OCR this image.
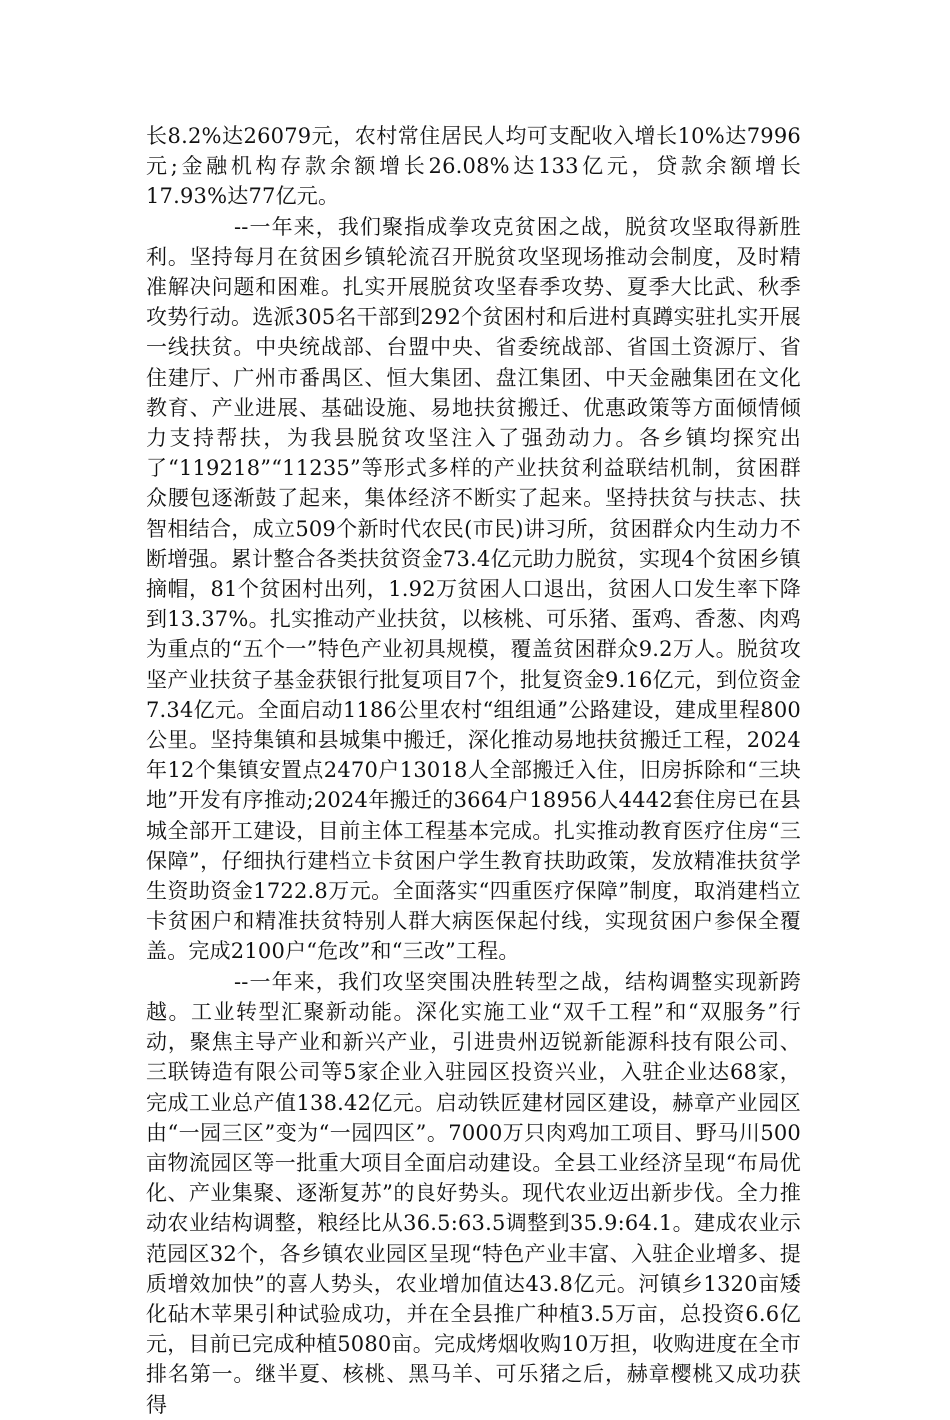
长8.2%达26079元，农村常住居民人均可支配收入增长10%达7996元;金融机构存款余额增长26.08%达133亿元，贷款余额增长17.93%达77亿元。

--一年来，我们聚指成拳攻克贫困之战，脱贫攻坚取得新胜利。坚持每月在贫困乡镇轮流召开脱贫攻坚现场推动会制度，及时精准解决问题和困难。扎实开展脱贫攻坚春季攻势、夏季大比武、秋季攻势行动。选派305名干部到292个贫困村和后进村真蹲实驻扎实开展一线扶贫。中央统战部、台盟中央、省委统战部、省国土资源厅、省住建厅、广州市番禺区、恒大集团、盘江集团、中天金融集团在文化教育、产业进展、基础设施、易地扶贫搬迁、优惠政策等方面倾情倾力支持帮扶，为我县脱贫攻坚注入了强劲动力。各乡镇均探究出了“119218”“11235”等形式多样的产业扶贫利益联结机制，贫困群众腰包逐渐鼓了起来，集体经济不断实了起来。坚持扶贫与扶志、扶智相结合，成立509个新时代农民(市民)讲习所，贫困群众内生动力不断增强。累计整合各类扶贫资金73.4亿元助力脱贫，实现4个贫困乡镇摘帽，81个贫困村出列，1.92万贫困人口退出，贫困人口发生率下降到13.37%。扎实推动产业扶贫，以核桃、可乐猪、蛋鸡、香葱、肉鸡为重点的“五个一”特色产业初具规模，覆盖贫困群众9.2万人。脱贫攻坚产业扶贫子基金获银行批复项目7个，批复资金9.16亿元，到位资金7.34亿元。全面启动1186公里农村“组组通”公路建设，建成里程800公里。坚持集镇和县城集中搬迁，深化推动易地扶贫搬迁工程，2024年12个集镇安置点2470户13018人全部搬迁入住，旧房拆除和“三块地”开发有序推动;2024年搬迁的3664户18956人4442套住房已在县城全部开工建设，目前主体工程基本完成。扎实推动教育医疗住房“三保障”，仔细执行建档立卡贫困户学生教育扶助政策，发放精准扶贫学生资助资金1722.8万元。全面落实“四重医疗保障”制度，取消建档立卡贫困户和精准扶贫特别人群大病医保起付线，实现贫困户参保全覆盖。完成2100户“危改”和“三改”工程。

--一年来，我们攻坚突围决胜转型之战，结构调整实现新跨越。工业转型汇聚新动能。深化实施工业“双千工程”和“双服务”行动，聚焦主导产业和新兴产业，引进贵州迈锐新能源科技有限公司、三联铸造有限公司等5家企业入驻园区投资兴业，入驻企业达68家，完成工业总产值138.42亿元。启动铁匠建材园区建设，赫章产业园区由“一园三区”变为“一园四区”。7000万只肉鸡加工项目、野马川500亩物流园区等一批重大项目全面启动建设。全县工业经济呈现“布局优化、产业集聚、逐渐复苏”的良好势头。现代农业迈出新步伐。全力推动农业结构调整，粮经比从36.5:63.5调整到35.9:64.1。建成农业示范园区32个，各乡镇农业园区呈现“特色产业丰富、入驻企业增多、提质增效加快”的喜人势头，农业增加值达43.8亿元。河镇乡1320亩矮化砧木苹果引种试验成功，并在全县推广种植3.5万亩，总投资6.6亿元，目前已完成种植5080亩。完成烤烟收购10万担，收购进度在全市排名第一。继半夏、核桃、黑马羊、可乐猪之后，赫章樱桃又成功获得
